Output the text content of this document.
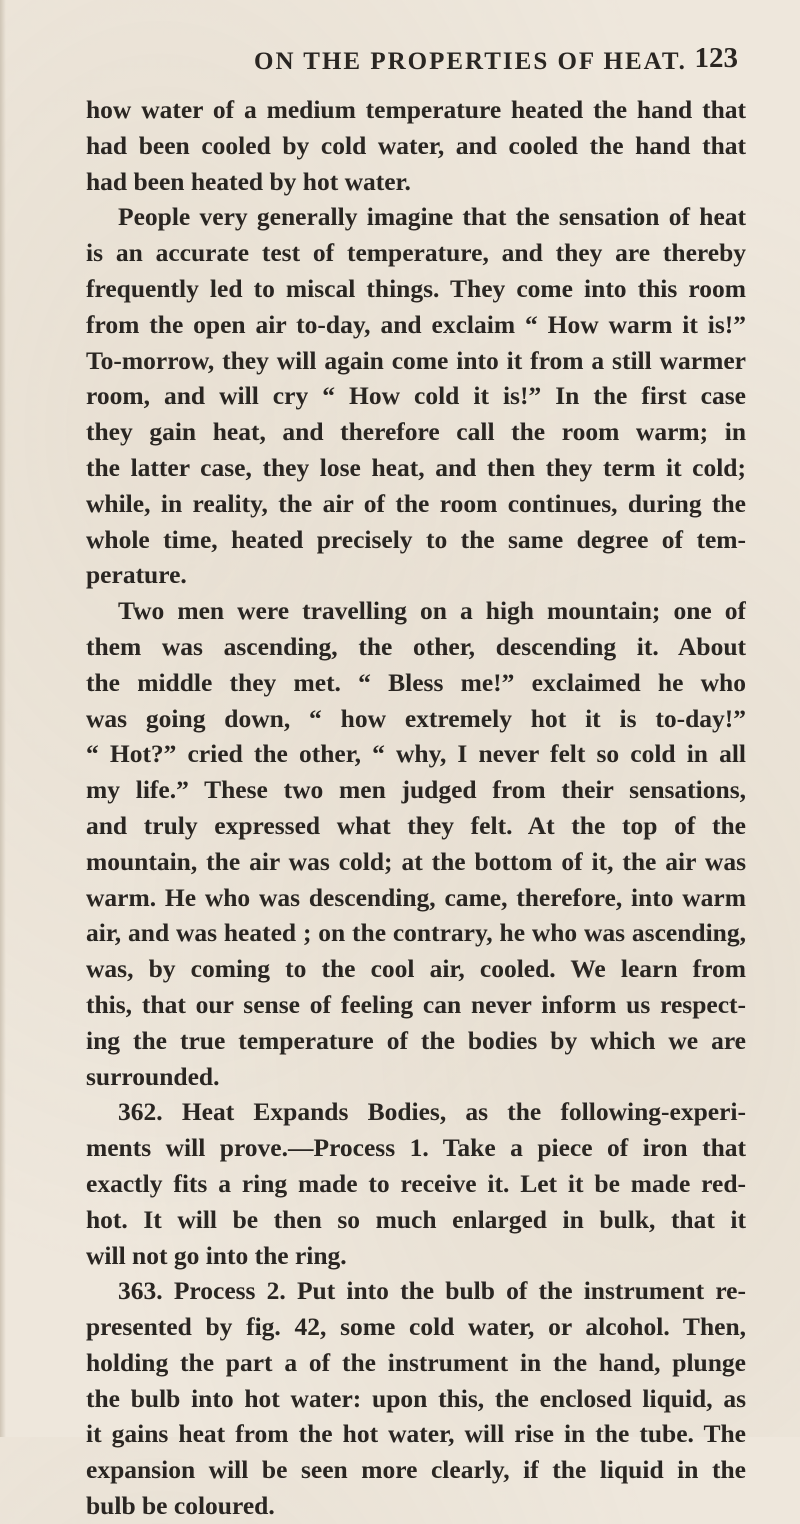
ON THE PROPERTIES OF HEAT. 123
how water of a medium temperature heated the hand that
had been cooled by cold water, and cooled the hand that
had been heated by hot water.
People very generally imagine that the sensation of heat
is an accurate test of temperature, and they are thereby
frequently led to miscal things. They come into this room
from the open air to-day, and exclaim “ How warm it is!”
To-morrow, they will again come into it from a still warmer
room, and will cry “ How cold it is!” In the first case
they gain heat, and therefore call the room warm; in
the latter case, they lose heat, and then they term it cold;
while, in reality, the air of the room continues, during the
whole time, heated precisely to the same degree of tem-
perature.
Two men were travelling on a high mountain; one of
them was ascending, the other, descending it. About
the middle they met. “ Bless me!” exclaimed he who
was going down, “ how extremely hot it is to-day!”
“ Hot?” cried the other, “ why, I never felt so cold in all
my life.” These two men judged from their sensations,
and truly expressed what they felt. At the top of the
mountain, the air was cold; at the bottom of it, the air was
warm. He who was descending, came, therefore, into warm
air, and was heated ; on the contrary, he who was ascending,
was, by coming to the cool air, cooled. We learn from
this, that our sense of feeling can never inform us respect-
ing the true temperature of the bodies by which we are
surrounded.
362. Heat Expands Bodies, as the following-experi-
ments will prove.—Process 1. Take a piece of iron that
exactly fits a ring made to receive it. Let it be made red-
hot. It will be then so much enlarged in bulk, that it
will not go into the ring.
363. Process 2. Put into the bulb of the instrument re-
presented by fig. 42, some cold water, or alcohol. Then,
holding the part a of the instrument in the hand, plunge
the bulb into hot water: upon this, the enclosed liquid, as
it gains heat from the hot water, will rise in the tube. The
expansion will be seen more clearly, if the liquid in the
bulb be coloured.
